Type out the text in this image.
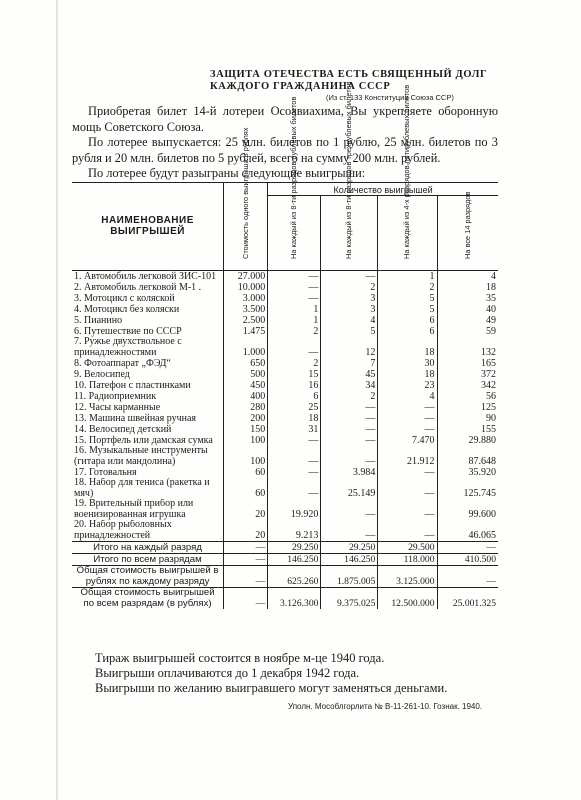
ЗАЩИТА ОТЕЧЕСТВА ЕСТЬ СВЯЩЕННЫЙ ДОЛГ
КАЖДОГО ГРАЖДАНИНА СССР
(Из ст. 133 Конституции Союза ССР)

Приобретая билет 14-й лотереи Осоавиахима, Вы укрепляете оборонную мощь Советского Союза.

По лотерее выпускается: 25 млн. билетов по 1 рублю, 25 млн. билетов по 3 рубля и 20 млн. билетов по 5 рублей, всего на сумму 200 млн. рублей.

По лотерее будут разыграны следующие выигрыши:

НАИМЕНОВАНИЕ ВЫИГРЫШЕЙ	Стоимость одного выигрыша в рублях	Количество выигрышей			

		На каждый из 8-ти разрядов рублевых билетов	На каждый из 8-ти разрядов трехрублевых билетов	На каждый из 4-х разрядов пятирублевых билетов	На все 14 разрядов

1. Автомобиль легковой ЗИС-101	27.000	—	—	1	4
2. Автомобиль легковой М-1 .	10.000	—	2	2	18
3. Мотоцикл с коляской	3.000	—	3	5	35
4. Мотоцикл без коляски	3.500	1	3	5	40
5. Пианино	2.500	1	4	6	49
6. Путешествие по СССР	1.475	2	5	6	59
7. Ружье двухствольное с принадлежностями	1.000	—	12	18	132
8. Фотоаппарат „ФЭД“	650	2	7	30	165
9. Велосипед	500	15	45	18	372
10. Патефон с пластинками	450	16	34	23	342
11. Радиоприемник	400	6	2	4	56
12. Часы карманные	280	25	—	—	125
13. Машина швейная ручная	200	18	—	—	90
14. Велосипед детский	150	31	—	—	155
15. Портфель или дамская сумка	100	—	—	7.470	29.880
16. Музыкальные инструменты (гитара или мандолина)	100	—	—	21.912	87.648
17. Готовальня	60	—	3.984	—	35.920
18. Набор для тениса (ракетка и мяч)	60	—	25.149	—	125.745
19. Врительный прибор или военизированная игрушка	20	19.920	—	—	99.600
20. Набор рыболовных принадлежностей	20	9.213	—	—	46.065
Итого на каждый разряд	—	29.250	29.250	29.500	—
Итого по всем разрядам	—	146.250	146.250	118.000	410.500
Общая стоимость выигрышей в рублях по каждому разряду	—	625.260	1.875.005	3.125.000	—
Общая стоимость выигрышей по всем разрядам (в рублях)	—	3.126.300	9.375.025	12.500.000	25.001.325

Тираж выигрышей состоится в ноябре м-це 1940 года.

Выигрыши оплачиваются до 1 декабря 1942 года.

Выигрыши по желанию выигравшего могут заменяться деньгами.

Уполн. Мособлгорлита № В-11-261-10. Гознак. 1940.
